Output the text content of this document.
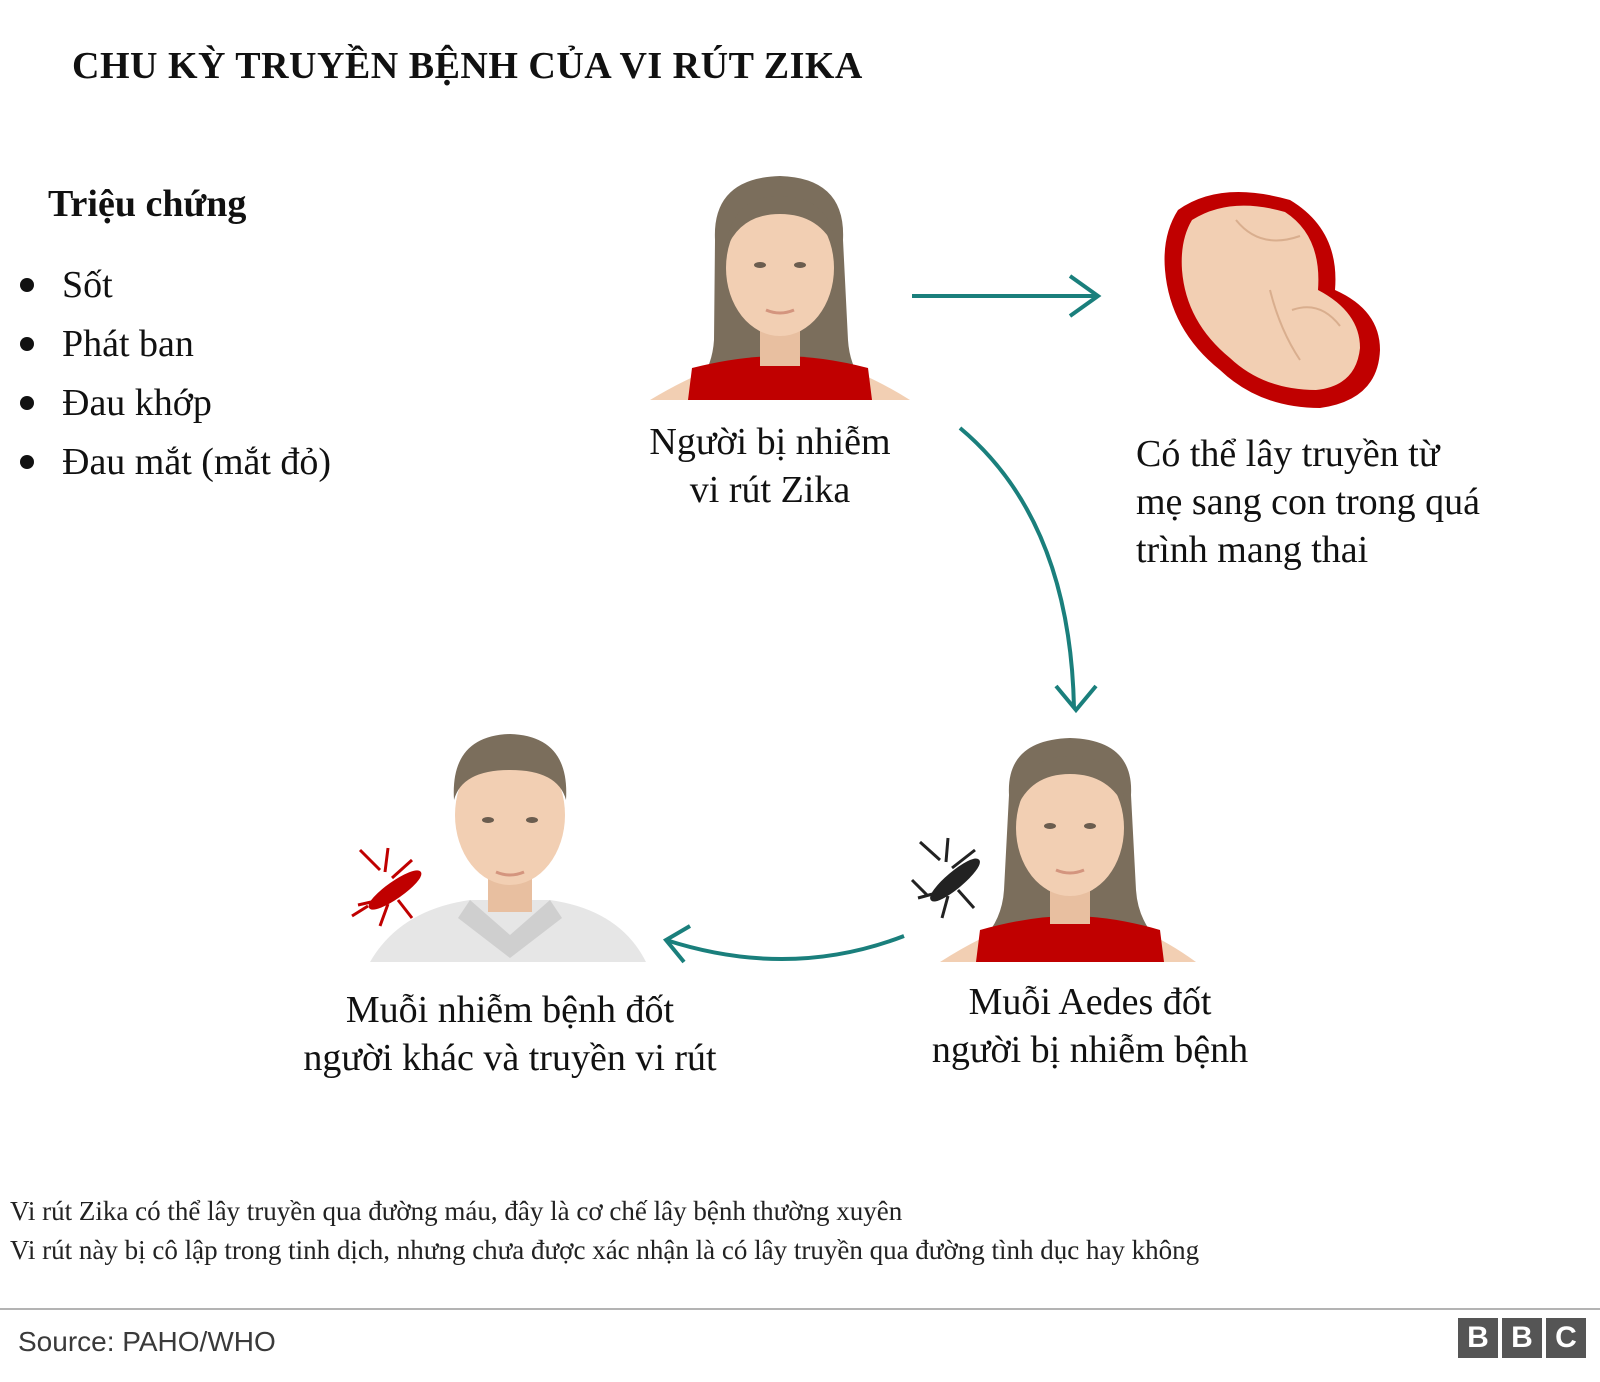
CHU KỲ TRUYỀN BỆNH CỦA VI RÚT ZIKA
Triệu chứng
Sốt
Phát ban
Đau khớp
Đau mắt (mắt đỏ)	Người bị nhiễm
vi rút Zika
Có thể lây truyền từ
mẹ sang con trong quá
trình mang thai
Muỗi Aedes đốt
người bị nhiễm bệnh
Muỗi nhiễm bệnh đốt
người khác và truyền vi rút
Vi rút Zika có thể lây truyền qua đường máu, đây là cơ chế lây bệnh thường xuyên
Vi rút này bị cô lập trong tinh dịch, nhưng chưa được xác nhận là có lây truyền qua đường tình dục hay không
Source: PAHO/WHO	B B C
